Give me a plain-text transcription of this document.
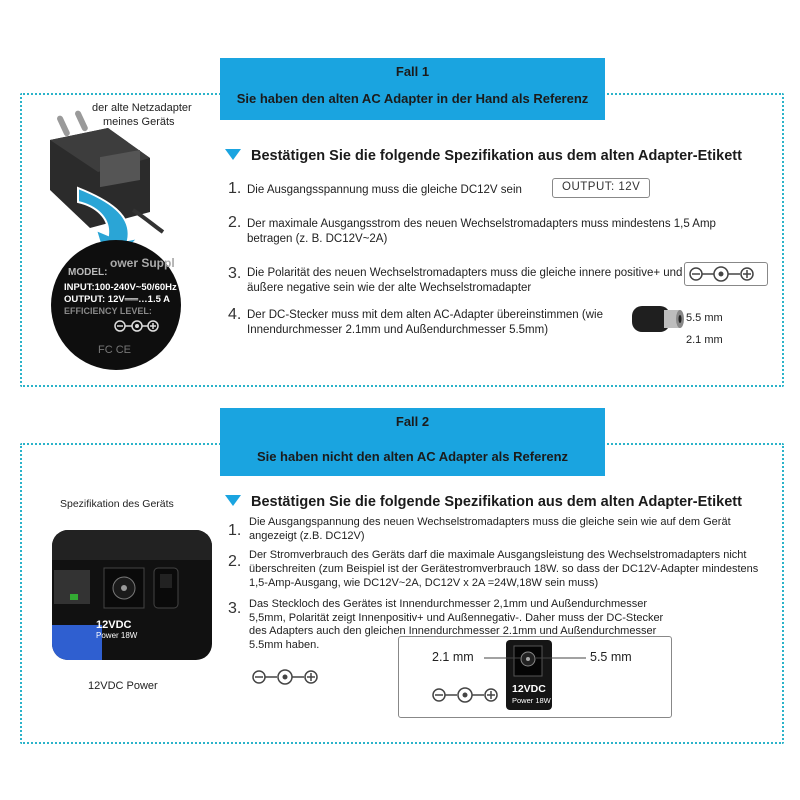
Fall 1
Sie haben den alten AC Adapter in der Hand als Referenz
der alte Netzadapter
meines Geräts
MODEL:
ower Suppl
INPUT:100-240V~50/60Hz
OUTPUT: 12V══…1.5 A
EFFICIENCY LEVEL:
FC CE
Bestätigen Sie die folgende Spezifikation aus dem alten Adapter-Etikett
1. Die Ausgangsspannung muss die gleiche DC12V sein	OUTPUT: 12V
2. Der maximale Ausgangsstrom des neuen Wechselstromadapters muss mindestens 1,5 Amp betragen (z. B. DC12V~2A)
3. Die Polarität des neuen Wechselstromadapters muss die gleiche innere positive+ und äußere negative sein wie der alte Wechselstromadapter
4. Der DC-Stecker muss mit dem alten AC-Adapter übereinstimmen (wie Innendurchmesser 2.1mm und Außendurchmesser 5.5mm)
5.5 mm
2.1 mm
Fall 2
Sie haben nicht den alten AC Adapter als Referenz
Spezifikation des Geräts
12VDC
Power 18W
12VDC Power
Bestätigen Sie die folgende Spezifikation aus dem alten Adapter-Etikett
1. Die Ausgangspannung des neuen Wechselstromadapters muss die gleiche sein wie auf dem Gerät angezeigt (z.B. DC12V)
2. Der Stromverbrauch des Geräts darf die maximale Ausgangsleistung des Wechselstromadapters nicht überschreiten (zum Beispiel ist der Gerätestromverbrauch 18W. so dass der DC12V-Adapter mindestens 1,5-Amp-Ausgang, wie DC12V~2A, DC12V x 2A =24W,18W sein muss)
3. Das Steckloch des Gerätes ist Innendurchmesser 2,1mm und Außendurchmesser 5,5mm, Polarität zeigt Innenpositiv+ und Außennegativ-. Daher muss der DC-Stecker des Adapters auch den gleichen Innendurchmesser 2.1mm und Außendurchmesser 5.5mm haben.
2.1 mm	5.5 mm
12VDC
Power 18W
